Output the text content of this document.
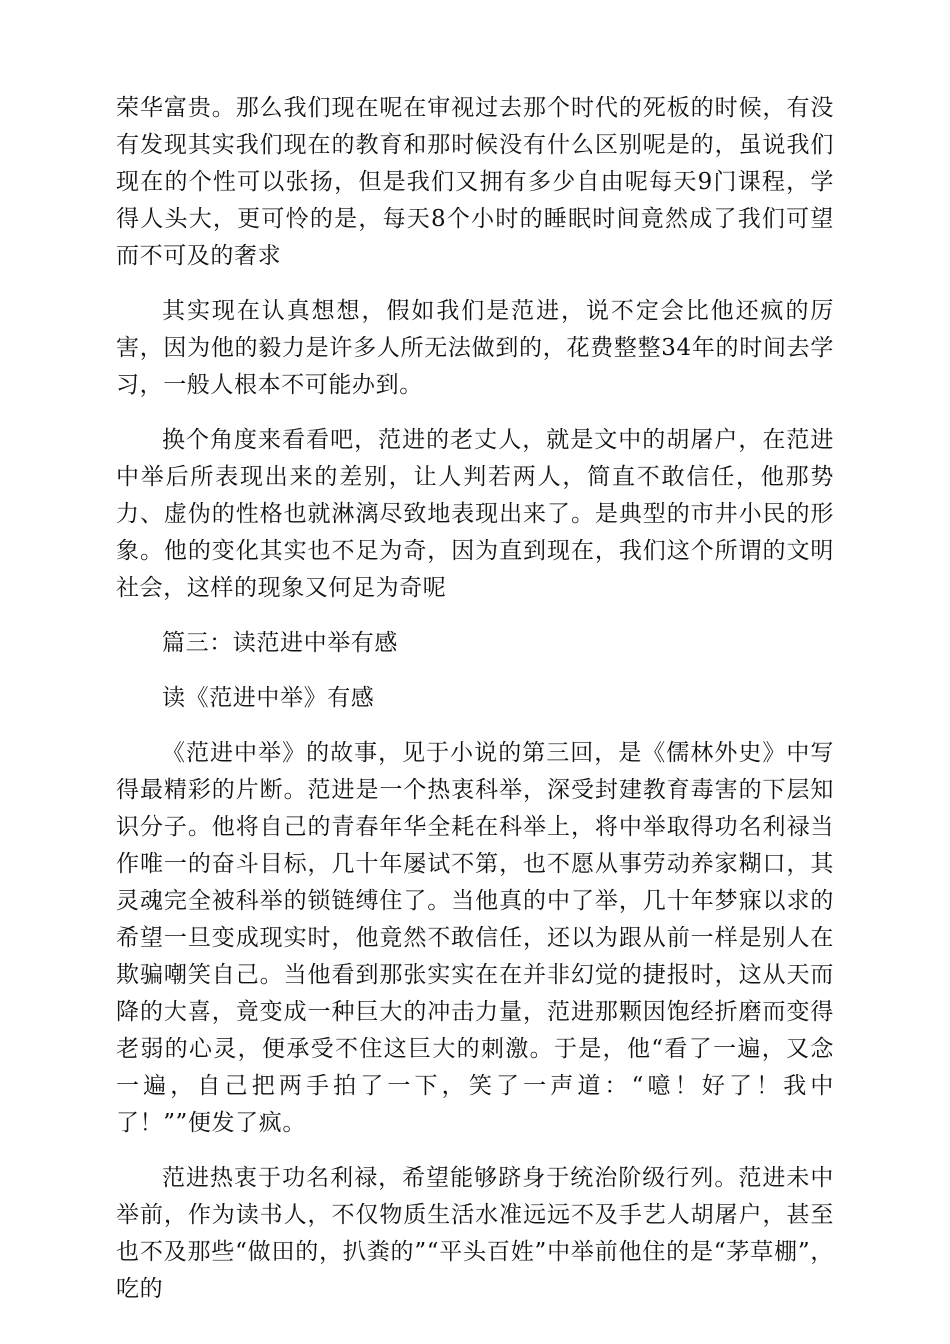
荣华富贵。那么我们现在呢在审视过去那个时代的死板的时候，有没有发现其实我们现在的教育和那时候没有什么区别呢是的，虽说我们现在的个性可以张扬，但是我们又拥有多少自由呢每天9门课程，学得人头大，更可怜的是，每天8个小时的睡眠时间竟然成了我们可望而不可及的奢求

其实现在认真想想，假如我们是范进，说不定会比他还疯的厉害，因为他的毅力是许多人所无法做到的，花费整整34年的时间去学习，一般人根本不可能办到。

换个角度来看看吧，范进的老丈人，就是文中的胡屠户，在范进中举后所表现出来的差别，让人判若两人，简直不敢信任，他那势力、虚伪的性格也就淋漓尽致地表现出来了。是典型的市井小民的形象。他的变化其实也不足为奇，因为直到现在，我们这个所谓的文明社会，这样的现象又何足为奇呢

篇三：读范进中举有感

读《范进中举》有感

《范进中举》的故事，见于小说的第三回，是《儒林外史》中写得最精彩的片断。范进是一个热衷科举，深受封建教育毒害的下层知识分子。他将自己的青春年华全耗在科举上，将中举取得功名利禄当作唯一的奋斗目标，几十年屡试不第，也不愿从事劳动养家糊口，其灵魂完全被科举的锁链缚住了。当他真的中了举，几十年梦寐以求的希望一旦变成现实时，他竟然不敢信任，还以为跟从前一样是别人在欺骗嘲笑自己。当他看到那张实实在在并非幻觉的捷报时，这从天而降的大喜，竟变成一种巨大的冲击力量，范进那颗因饱经折磨而变得老弱的心灵，便承受不住这巨大的刺激。于是，他“看了一遍，又念一遍，自己把两手拍了一下，笑了一声道：“噫！好了！我中了！””便发了疯。

范进热衷于功名利禄，希望能够跻身于统治阶级行列。范进未中举前，作为读书人，不仅物质生活水准远远不及手艺人胡屠户，甚至也不及那些“做田的，扒粪的”“平头百姓”中举前他住的是“茅草棚”，吃的
